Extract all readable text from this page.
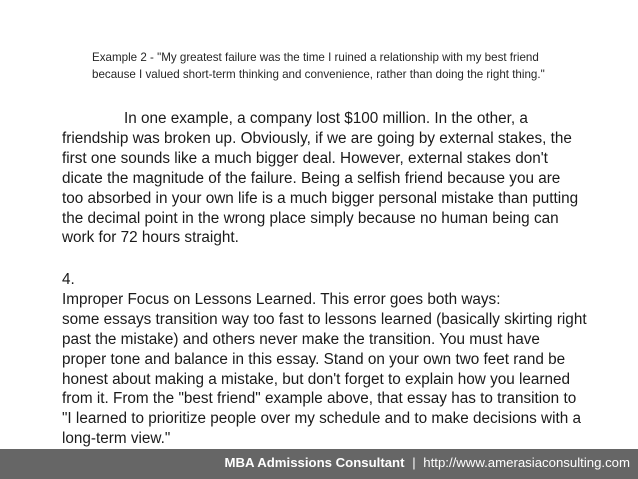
Example 2 - "My greatest failure was the time I ruined a relationship with my best friend
because I valued short-term thinking and convenience, rather than doing the right thing."
In one example, a company lost $100 million. In the other, a
friendship was broken up. Obviously, if we are going by external stakes, the
first one sounds like a much bigger deal. However, external stakes don't
dicate the magnitude of the failure. Being a selfish friend because you are
too absorbed in your own life is a much bigger personal mistake than putting
the decimal point in the wrong place simply because no human being can
work for 72 hours straight.
4.
Improper Focus on Lessons Learned. This error goes both ways:
some essays transition way too fast to lessons learned (basically skirting right
past the mistake) and others never make the transition. You must have
proper tone and balance in this essay. Stand on your own two feet rand be
honest about making a mistake, but don't forget to explain how you learned
from it. From the "best friend" example above, that essay has to transition to
"I learned to prioritize people over my schedule and to make decisions with a
long-term view."
MBA Admissions Consultant | http://www.amerasiaconsulting.com
